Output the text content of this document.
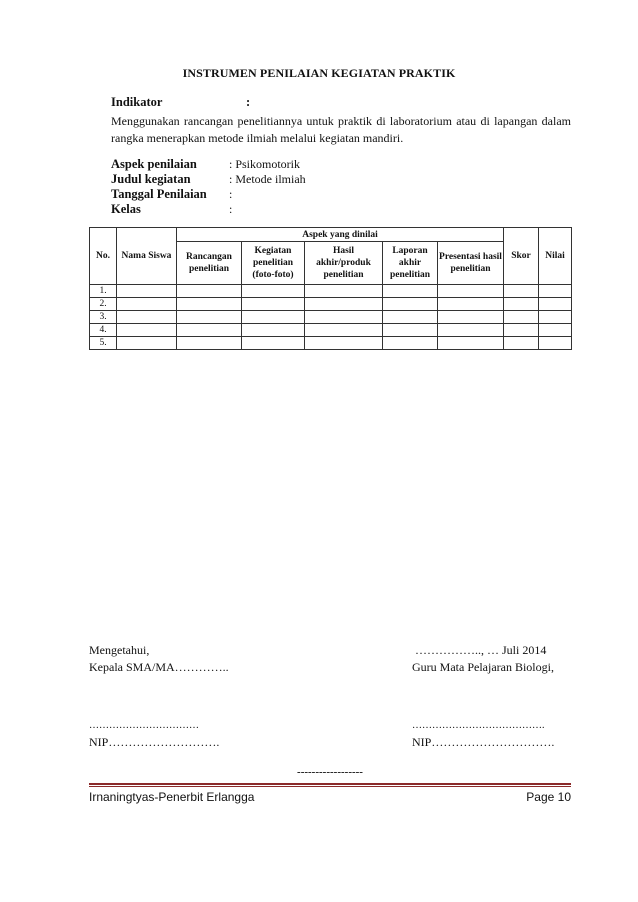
INSTRUMEN PENILAIAN KEGIATAN PRAKTIK
Indikator	:
Menggunakan rancangan penelitiannya untuk praktik di laboratorium atau di lapangan dalam rangka menerapkan metode ilmiah melalui kegiatan mandiri.
Aspek penilaian	: Psikomotorik
Judul kegiatan	: Metode ilmiah
Tanggal Penilaian :
Kelas	:
No.	Nama Siswa	Aspek yang dinilai					Skor	Nilai
		Rancangan penelitian	Kegiatan penelitian (foto-foto)	Hasil akhir/produk penelitian	Laporan akhir penelitian	Presentasi hasil penelitian		
1.								
2.								
3.								
4.								
5.								
Mengetahui,
Kepala SMA/MA…………..
…………….., … Juli 2014
Guru Mata Pelajaran Biologi,
……………………………
NIP……………………….
………………………………….
NIP………………………….
------------------
Irnaningtyas-Penerbit Erlangga	Page 10
